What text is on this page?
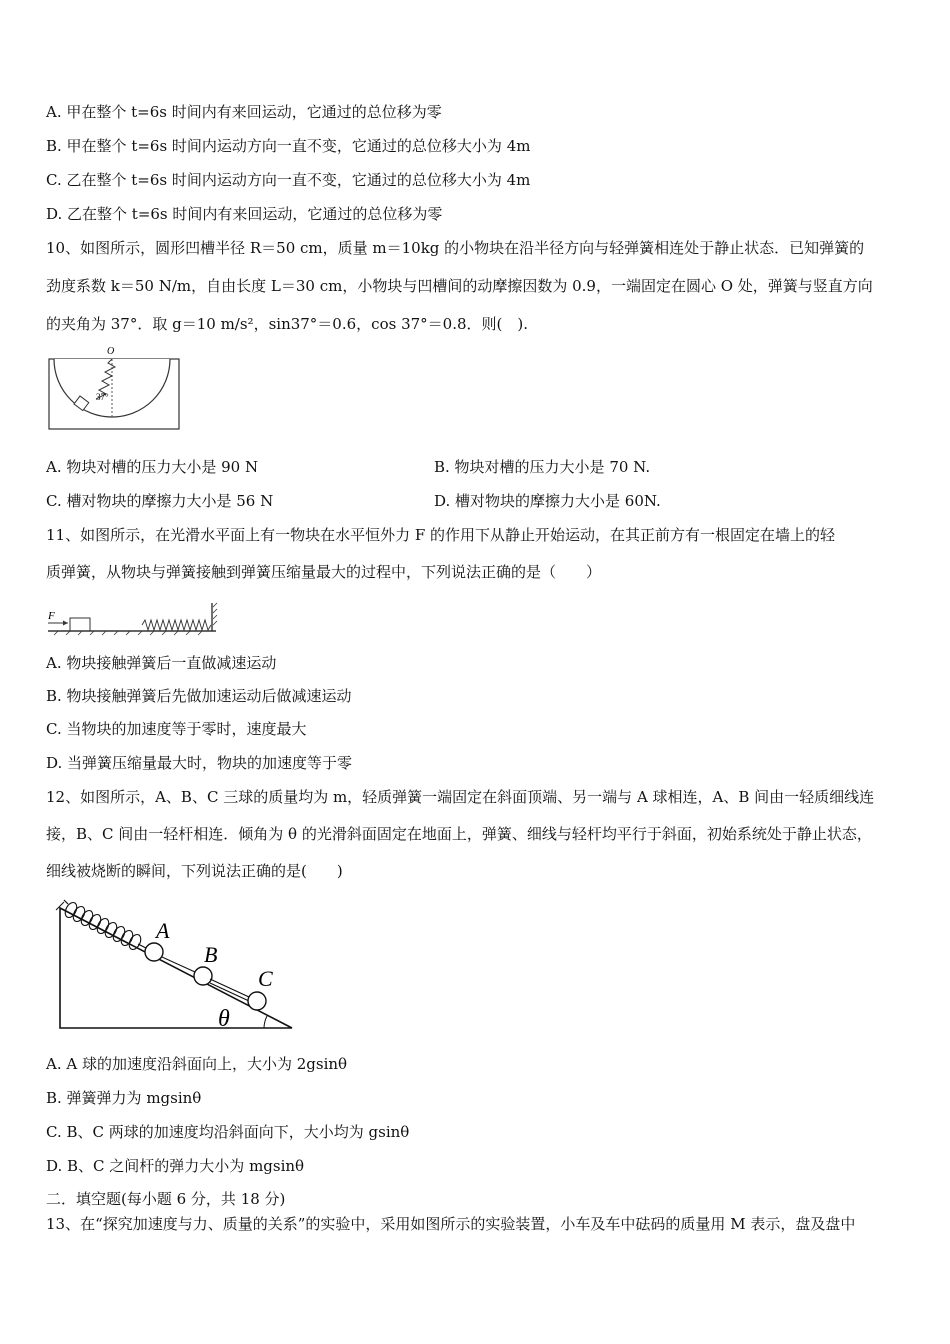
A. 甲在整个 t=6s 时间内有来回运动，它通过的总位移为零
B. 甲在整个 t=6s 时间内运动方向一直不变，它通过的总位移大小为 4m
C. 乙在整个 t=6s 时间内运动方向一直不变，它通过的总位移大小为 4m
D. 乙在整个 t=6s 时间内有来回运动，它通过的总位移为零
10、如图所示，圆形凹槽半径 R＝50 cm，质量 m＝10kg 的小物块在沿半径方向与轻弹簧相连处于静止状态．已知弹簧的
劲度系数 k＝50 N/m，自由长度 L＝30 cm，小物块与凹槽间的动摩擦因数为 0.9，一端固定在圆心 O 处，弹簧与竖直方向
的夹角为 37°．取 g＝10 m/s²，sin37°＝0.6，cos 37°＝0.8．则(　).
O
37°
A. 物块对槽的压力大小是 90 N	B. 物块对槽的压力大小是 70 N.
C. 槽对物块的摩擦力大小是 56 N	D. 槽对物块的摩擦力大小是 60N.
11、如图所示，在光滑水平面上有一物块在水平恒外力 F 的作用下从静止开始运动，在其正前方有一根固定在墙上的轻
质弹簧，从物块与弹簧接触到弹簧压缩量最大的过程中，下列说法正确的是（　　）
F
A. 物块接触弹簧后一直做减速运动
B. 物块接触弹簧后先做加速运动后做减速运动
C. 当物块的加速度等于零时，速度最大
D. 当弹簧压缩量最大时，物块的加速度等于零
12、如图所示，A、B、C 三球的质量均为 m，轻质弹簧一端固定在斜面顶端、另一端与 A 球相连，A、B 间由一轻质细线连
接，B、C 间由一轻杆相连．倾角为 θ 的光滑斜面固定在地面上，弹簧、细线与轻杆均平行于斜面，初始系统处于静止状态，
细线被烧断的瞬间，下列说法正确的是(　　)
A
B
C
θ
A. A 球的加速度沿斜面向上，大小为 2gsinθ
B. 弹簧弹力为 mgsinθ
C. B、C 两球的加速度均沿斜面向下，大小均为 gsinθ
D. B、C 之间杆的弹力大小为 mgsinθ
二．填空题(每小题 6 分，共 18 分)
13、在“探究加速度与力、质量的关系”的实验中，采用如图所示的实验装置，小车及车中砝码的质量用 M 表示，盘及盘中
